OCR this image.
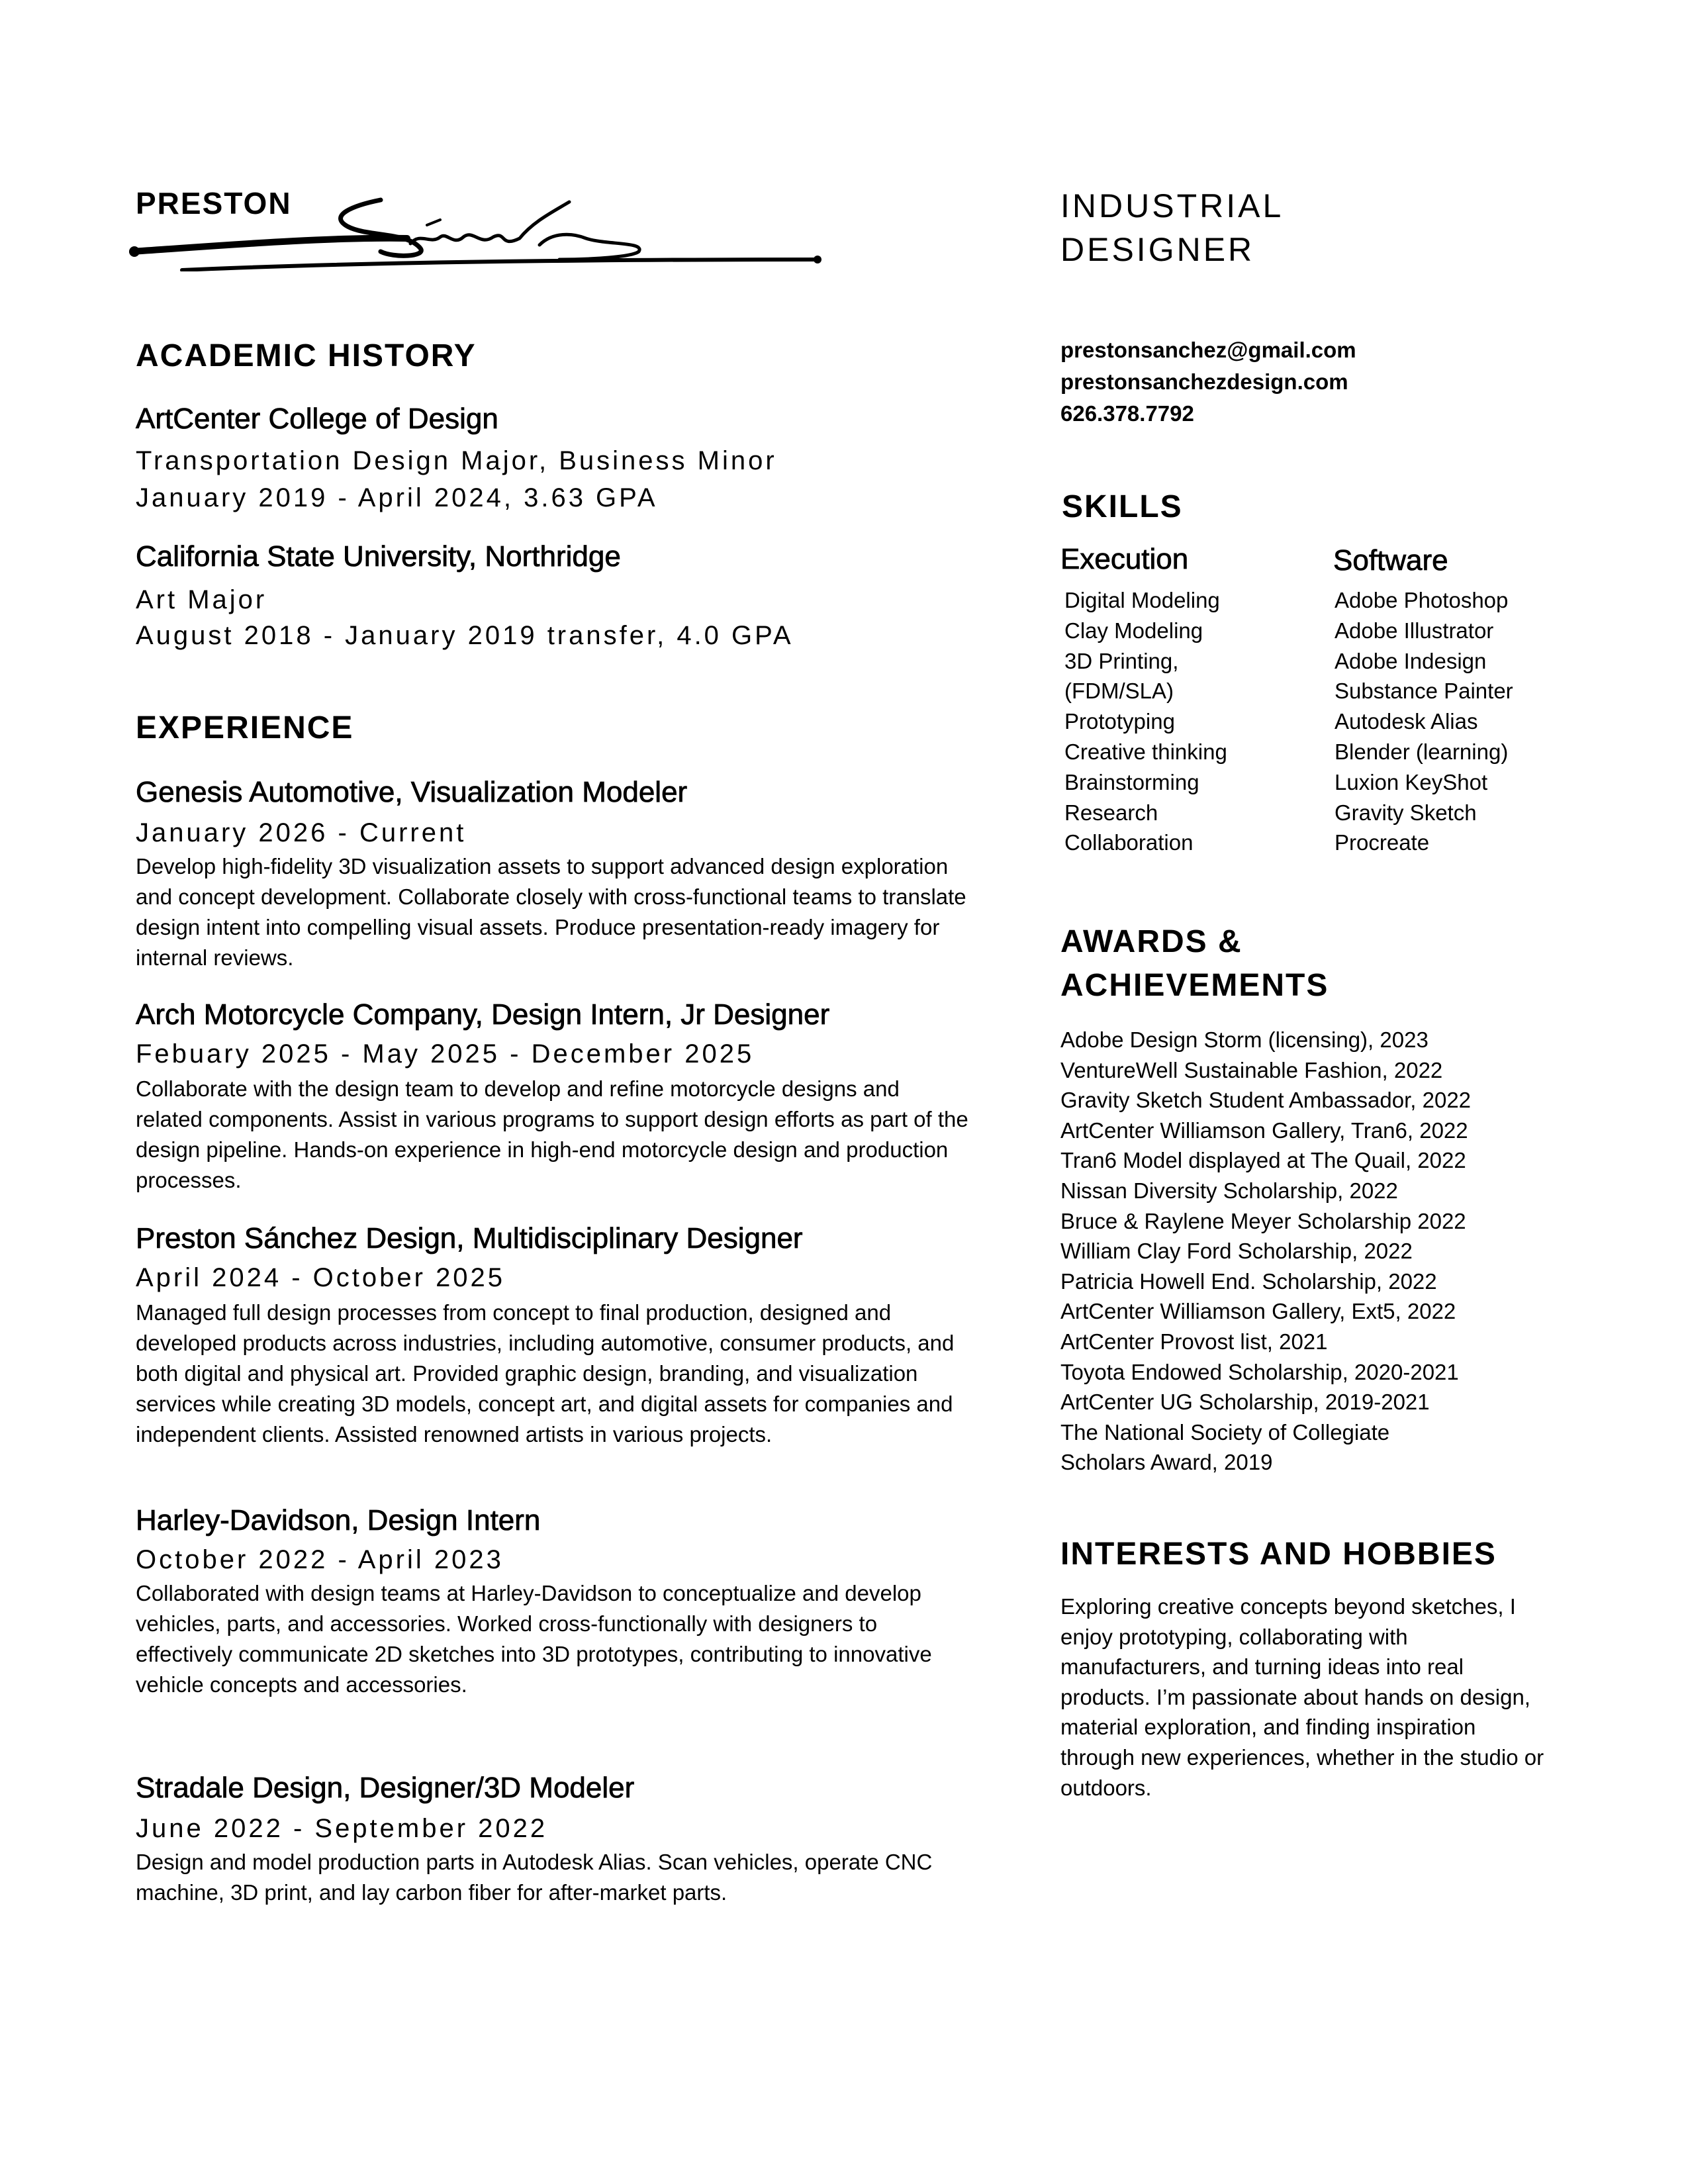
PRESTON	INDUSTRIAL
DESIGNER
prestonsanchez@gmail.com
prestonsanchezdesign.com
626.378.7792
ACADEMIC HISTORY
ArtCenter College of Design
Transportation Design Major, Business Minor
January 2019 - April 2024, 3.63 GPA
California State University, Northridge
Art Major
August 2018 - January 2019 transfer, 4.0 GPA
EXPERIENCE
Genesis Automotive, Visualization Modeler
January 2026 - Current
Develop high-fidelity 3D visualization assets to support advanced design exploration and concept development. Collaborate closely with cross-functional teams to translate design intent into compelling visual assets. Produce presentation-ready imagery for internal reviews.
Arch Motorcycle Company, Design Intern, Jr Designer
Febuary 2025 - May 2025 - December 2025
Collaborate with the design team to develop and refine motorcycle designs and related components. Assist in various programs to support design efforts as part of the design pipeline. Hands-on experience in high-end motorcycle design and production processes.
Preston Sánchez Design, Multidisciplinary Designer
April 2024 - October 2025
Managed full design processes from concept to final production, designed and developed products across industries, including automotive, consumer products, and both digital and physical art. Provided graphic design, branding, and visualization services while creating 3D models, concept art, and digital assets for companies and independent clients. Assisted renowned artists in various projects.
Harley-Davidson, Design Intern
October 2022 - April 2023
Collaborated with design teams at Harley-Davidson to conceptualize and develop vehicles, parts, and accessories. Worked cross-functionally with designers to effectively communicate 2D sketches into 3D prototypes, contributing to innovative vehicle concepts and accessories.
Stradale Design, Designer/3D Modeler
June 2022 - September 2022
Design and model production parts in Autodesk Alias. Scan vehicles, operate CNC machine, 3D print, and lay carbon fiber for after-market parts.
SKILLS
Execution	Software
Digital Modeling
Clay Modeling
3D Printing,
(FDM/SLA)
Prototyping
Creative thinking
Brainstorming
Research
Collaboration
Adobe Photoshop
Adobe Illustrator
Adobe Indesign
Substance Painter
Autodesk Alias
Blender (learning)
Luxion KeyShot
Gravity Sketch
Procreate
AWARDS &
ACHIEVEMENTS
Adobe Design Storm (licensing), 2023
VentureWell Sustainable Fashion, 2022
Gravity Sketch Student Ambassador, 2022
ArtCenter Williamson Gallery, Tran6, 2022
Tran6 Model displayed at The Quail, 2022
Nissan Diversity Scholarship, 2022
Bruce & Raylene Meyer Scholarship 2022
William Clay Ford Scholarship, 2022
Patricia Howell End. Scholarship, 2022
ArtCenter Williamson Gallery, Ext5, 2022
ArtCenter Provost list, 2021
Toyota Endowed Scholarship, 2020-2021
ArtCenter UG Scholarship, 2019-2021
The National Society of Collegiate
Scholars Award, 2019
INTERESTS AND HOBBIES
Exploring creative concepts beyond sketches, I enjoy prototyping, collaborating with manufacturers, and turning ideas into real products. I’m passionate about hands on design, material exploration, and finding inspiration through new experiences, whether in the studio or outdoors.
